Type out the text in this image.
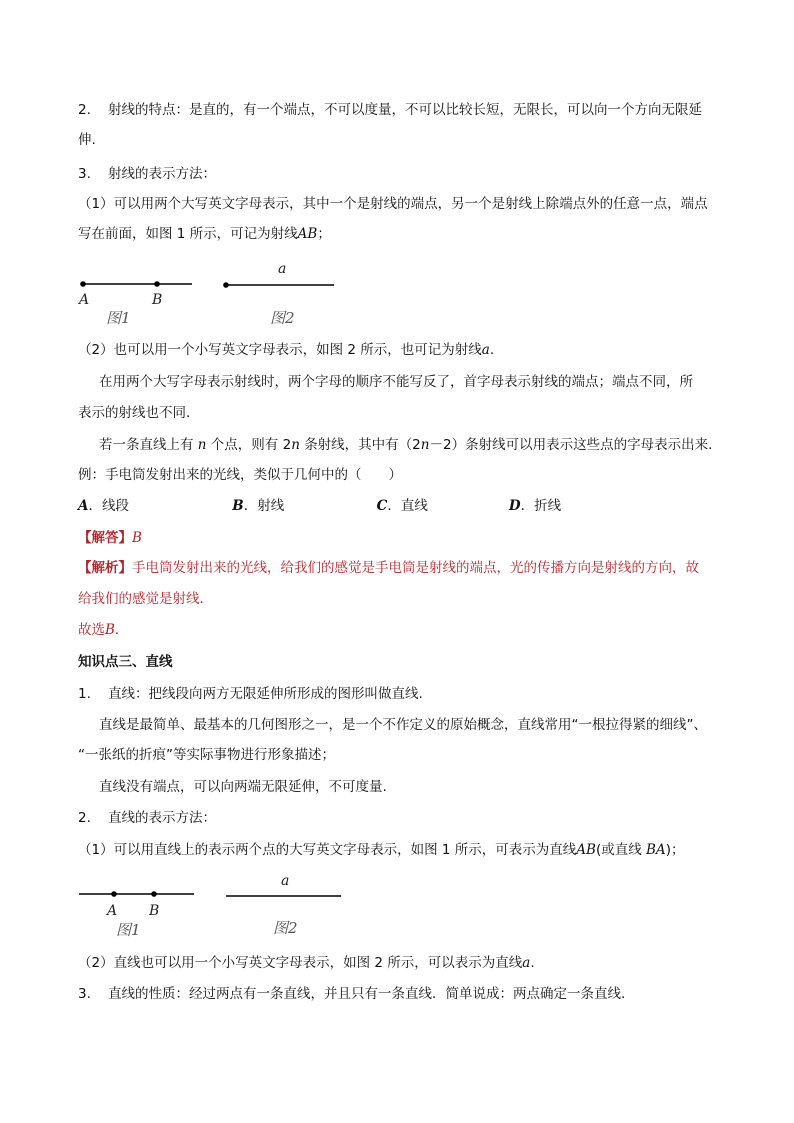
2. 射线的特点：是直的，有一个端点，不可以度量，不可以比较长短，无限长，可以向一个方向无限延
伸.
3. 射线的表示方法：
（1）可以用两个大写英文字母表示，其中一个是射线的端点，另一个是射线上除端点外的任意一点，端点
写在前面，如图 1 所示，可记为射线AB；
A	B
图1
a
图2
（2）也可以用一个小写英文字母表示，如图 2 所示，也可记为射线a.
在用两个大写字母表示射线时，两个字母的顺序不能写反了，首字母表示射线的端点；端点不同，所
表示的射线也不同.
若一条直线上有 n 个点，则有 2n 条射线，其中有（2n－2）条射线可以用表示这些点的字母表示出来.
例：手电筒发射出来的光线，类似于几何中的（　　）
A．线段	B．射线	C．直线	D．折线
【解答】B
【解析】手电筒发射出来的光线，给我们的感觉是手电筒是射线的端点，光的传播方向是射线的方向，故
给我们的感觉是射线．
故选B．
知识点三、直线
1. 直线：把线段向两方无限延伸所形成的图形叫做直线.
直线是最简单、最基本的几何图形之一，是一个不作定义的原始概念，直线常用“一根拉得紧的细线”、
“一张纸的折痕”等实际事物进行形象描述；
直线没有端点，可以向两端无限延伸，不可度量.
2. 直线的表示方法：
（1）可以用直线上的表示两个点的大写英文字母表示，如图 1 所示，可表示为直线AB(或直线 BA)；
A B
图1
a
图2
（2）直线也可以用一个小写英文字母表示，如图 2 所示，可以表示为直线a.
3. 直线的性质：经过两点有一条直线，并且只有一条直线．简单说成：两点确定一条直线.
